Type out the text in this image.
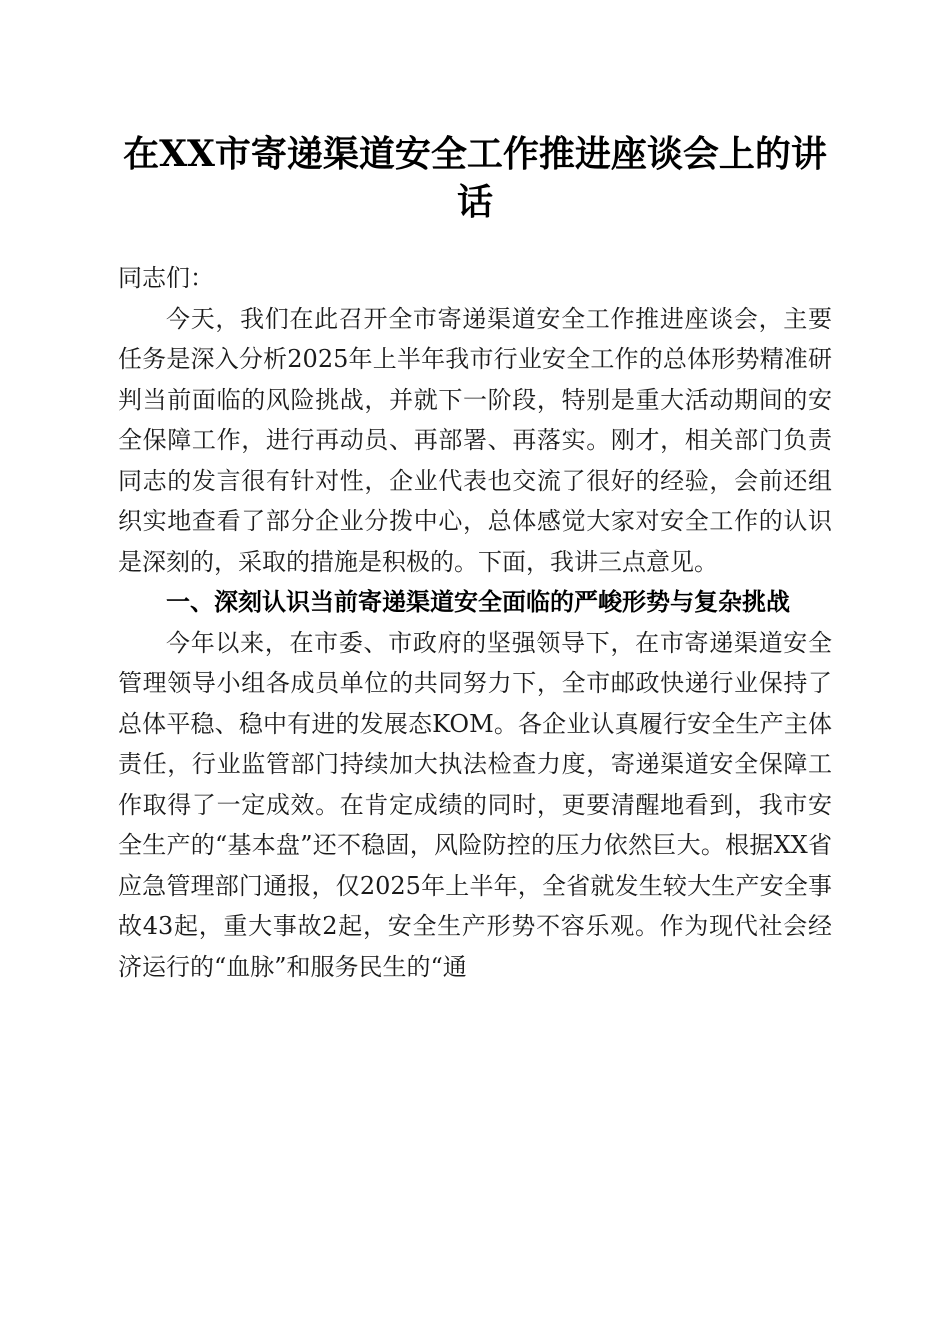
在XX市寄递渠道安全工作推进座谈会上的讲话

同志们：

今天，我们在此召开全市寄递渠道安全工作推进座谈会，主要任务是深入分析2025年上半年我市行业安全工作的总体形势精准研判当前面临的风险挑战，并就下一阶段，特别是重大活动期间的安全保障工作，进行再动员、再部署、再落实。刚才，相关部门负责同志的发言很有针对性，企业代表也交流了很好的经验，会前还组织实地查看了部分企业分拨中心，总体感觉大家对安全工作的认识是深刻的，采取的措施是积极的。下面，我讲三点意见。

一、深刻认识当前寄递渠道安全面临的严峻形势与复杂挑战

今年以来，在市委、市政府的坚强领导下，在市寄递渠道安全管理领导小组各成员单位的共同努力下，全市邮政快递行业保持了总体平稳、稳中有进的发展态KOM。各企业认真履行安全生产主体责任，行业监管部门持续加大执法检查力度，寄递渠道安全保障工作取得了一定成效。在肯定成绩的同时，更要清醒地看到，我市安全生产的“基本盘”还不稳固，风险防控的压力依然巨大。根据XX省应急管理部门通报，仅2025年上半年，全省就发生较大生产安全事故43起，重大事故2起，安全生产形势不容乐观。作为现代社会经济运行的“血脉”和服务民生的“通
